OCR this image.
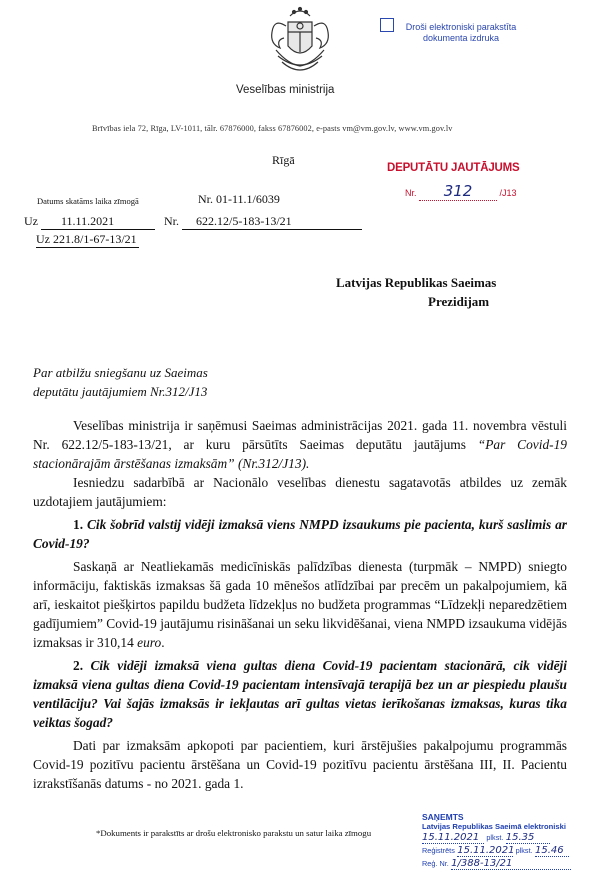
Veselības ministrija
Brīvības iela 72, Rīga, LV-1011, tālr. 67876000, fakss 67876002, e-pasts vm@vm.gov.lv, www.vm.gov.lv
Droši elektroniski parakstīta
dokumenta izdruka
Rīgā
DEPUTĀTU JAUTĀJUMS
Nr. 312	/J13
Datums skatāms laika zīmogā	Nr. 01-11.1/6039
Uz 11.11.2021	Nr. 622.12/5-183-13/21
Uz 221.8/1-67-13/21
Latvijas Republikas Saeimas
Prezidijam
Par atbilžu sniegšanu uz Saeimas
deputātu jautājumiem Nr.312/J13

Veselības ministrija ir saņēmusi Saeimas administrācijas 2021. gada 11. novembra vēstuli Nr. 622.12/5-183-13/21, ar kuru pārsūtīts Saeimas deputātu jautājums “Par Covid-19 stacionārajām ārstēšanas izmaksām” (Nr.312/J13).

Iesniedzu sadarbībā ar Nacionālo veselības dienestu sagatavotās atbildes uz zemāk uzdotajiem jautājumiem:

1. Cik šobrīd valstij vidēji izmaksā viens NMPD izsaukums pie pacienta, kurš saslimis ar Covid-19?

Saskaņā ar Neatliekamās medicīniskās palīdzības dienesta (turpmāk – NMPD) sniegto informāciju, faktiskās izmaksas šā gada 10 mēnešos atlīdzībai par precēm un pakalpojumiem, kā arī, ieskaitot piešķirtos papildu budžeta līdzekļus no budžeta programmas “Līdzekļi neparedzētiem gadījumiem” Covid-19 jautājumu risināšanai un seku likvidēšanai, viena NMPD izsaukuma vidējās izmaksas ir 310,14 euro.

2. Cik vidēji izmaksā viena gultas diena Covid-19 pacientam stacionārā, cik vidēji izmaksā viena gultas diena Covid-19 pacientam intensīvajā terapijā bez un ar piespiedu plaušu ventilāciju? Vai šajās izmaksās ir iekļautas arī gultas vietas ierīkošanas izmaksas, kuras tika veiktas šogad?

Dati par izmaksām apkopoti par pacientiem, kuri ārstējušies pakalpojumu programmās Covid-19 pozitīvu pacientu ārstēšana un Covid-19 pozitīvu pacientu ārstēšana III, II. Pacientu izrakstīšanās datums - no 2021. gada 1.

*Dokuments ir parakstīts ar drošu elektronisko parakstu un satur laika zīmogu
SAŅEMTS
Latvijas Republikas Saeimā elektroniski
15.11.2021 plkst. 15.35
Reģistrēts 15.11.2021 plkst. 15.46
Reģ. Nr. 1/388-13/21
